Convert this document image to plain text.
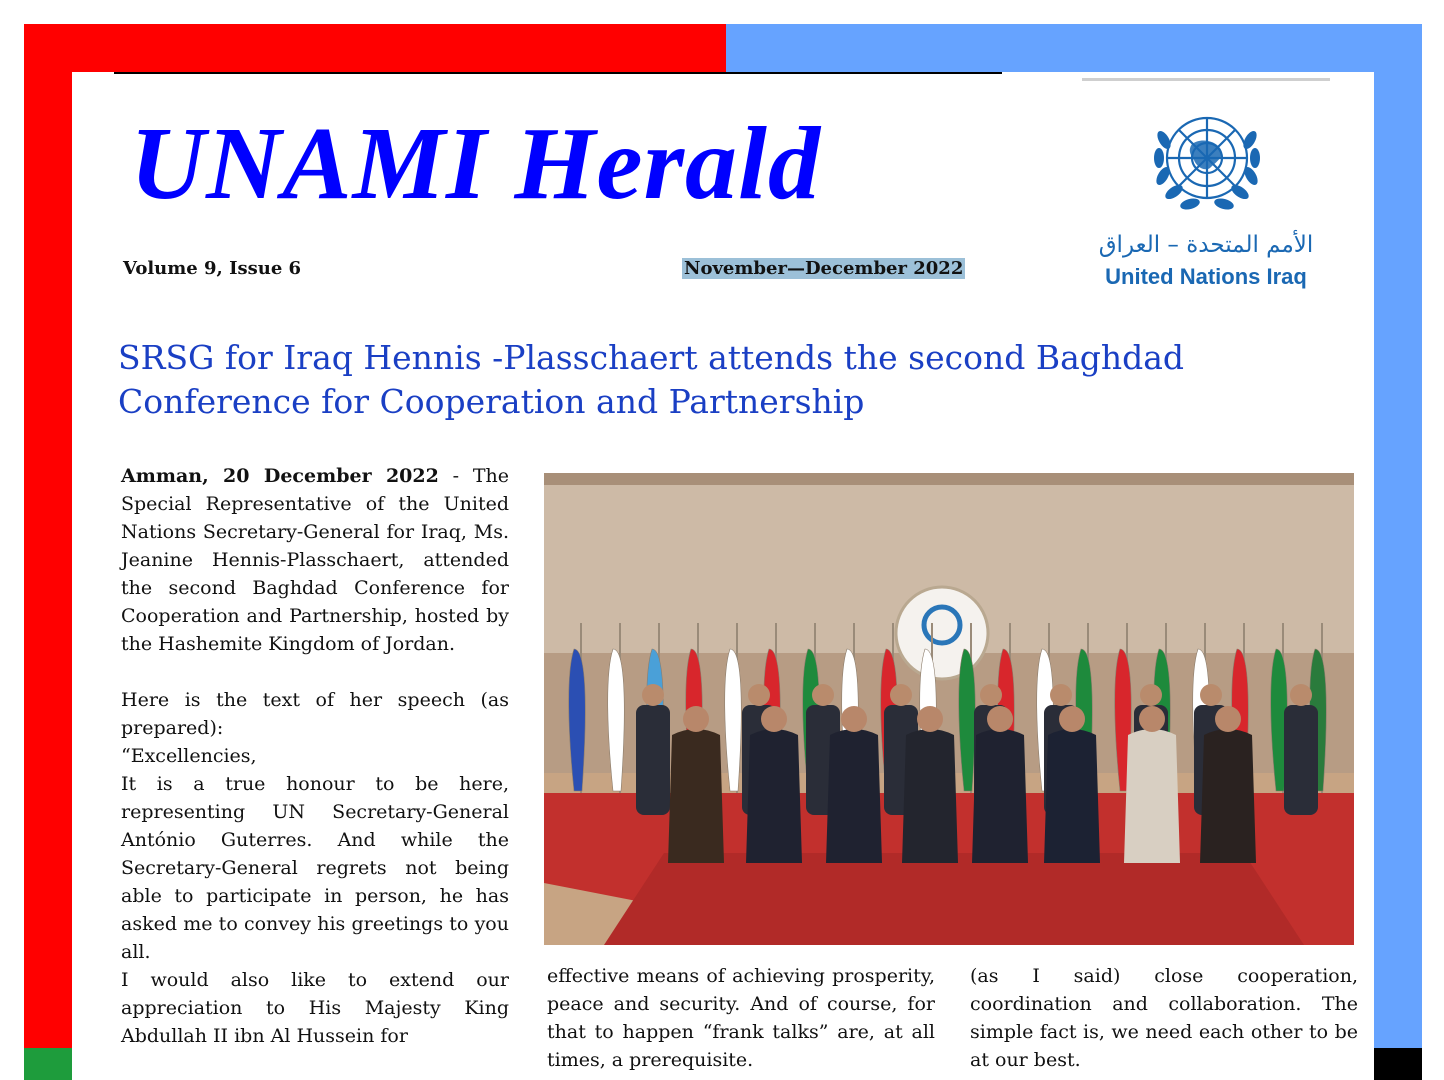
UNAMI Herald
Volume 9, Issue 6	November—December 2022
الأمم المتحدة – العراق
United Nations Iraq
SRSG for Iraq Hennis -Plasschaert attends the second Baghdad Conference for Cooperation and Partnership

Amman, 20 December 2022 - The Special Representative of the United Nations Secretary-General for Iraq, Ms. Jeanine Hennis-Plasschaert, attended the second Baghdad Conference for Cooperation and Partnership, hosted by the Hashemite Kingdom of Jordan.

Here is the text of her speech (as prepared):

“Excellencies,

It is a true honour to be here, representing UN Secretary-General António Guterres. And while the Secretary-General regrets not being able to participate in person, he has asked me to convey his greetings to you all.

I would also like to extend our appreciation to His Majesty King Abdullah II ibn Al Hussein for

effective means of achieving prosperity, peace and security. And of course, for that to happen “frank talks” are, at all times, a prerequisite.

(as I said) close cooperation, coordination and collaboration. The simple fact is, we need each other to be at our best.
